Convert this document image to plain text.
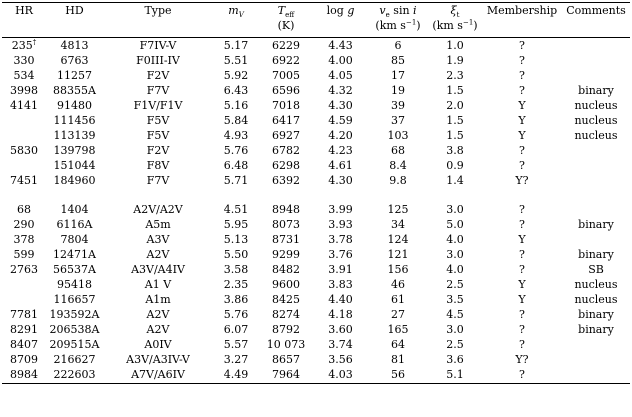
HR	HD	Type	$m_V$	$T_{eff}$	log g	$v_e$ sin i	$\xi_t$	Membership	Comments
				(K)		(km $s^{-1}$)	(km $s^{-1}$)		

235†	4813	F7IV-V	5.17	6229	4.43	6	1.0	?	
330	6763	F0III-IV	5.51	6922	4.00	85	1.9	?	
534	11257	F2V	5.92	7005	4.05	17	2.3	?	
3998	88355A	F7V	6.43	6596	4.32	19	1.5	?	binary
4141	91480	F1V/F1V	5.16	7018	4.30	39	2.0	Y	nucleus
	111456	F5V	5.84	6417	4.59	37	1.5	Y	nucleus
	113139	F5V	4.93	6927	4.20	103	1.5	Y	nucleus
5830	139798	F2V	5.76	6782	4.23	68	3.8	?	
	151044	F8V	6.48	6298	4.61	8.4	0.9	?	
7451	184960	F7V	5.71	6392	4.30	9.8	1.4	Y?	

68	1404	A2V/A2V	4.51	8948	3.99	125	3.0	?	
290	6116A	A5m	5.95	8073	3.93	34	5.0	?	binary
378	7804	A3V	5.13	8731	3.78	124	4.0	Y	
599	12471A	A2V	5.50	9299	3.76	121	3.0	?	binary
2763	56537A	A3V/A4IV	3.58	8482	3.91	156	4.0	?	SB
	95418	A1 V	2.35	9600	3.83	46	2.5	Y	nucleus
	116657	A1m	3.86	8425	4.40	61	3.5	Y	nucleus
7781	193592A	A2V	5.76	8274	4.18	27	4.5	?	binary
8291	206538A	A2V	6.07	8792	3.60	165	3.0	?	binary
8407	209515A	A0IV	5.57	10 073	3.74	64	2.5	?	
8709	216627	A3V/A3IV-V	3.27	8657	3.56	81	3.6	Y?	
8984	222603	A7V/A6IV	4.49	7964	4.03	56	5.1	?	
